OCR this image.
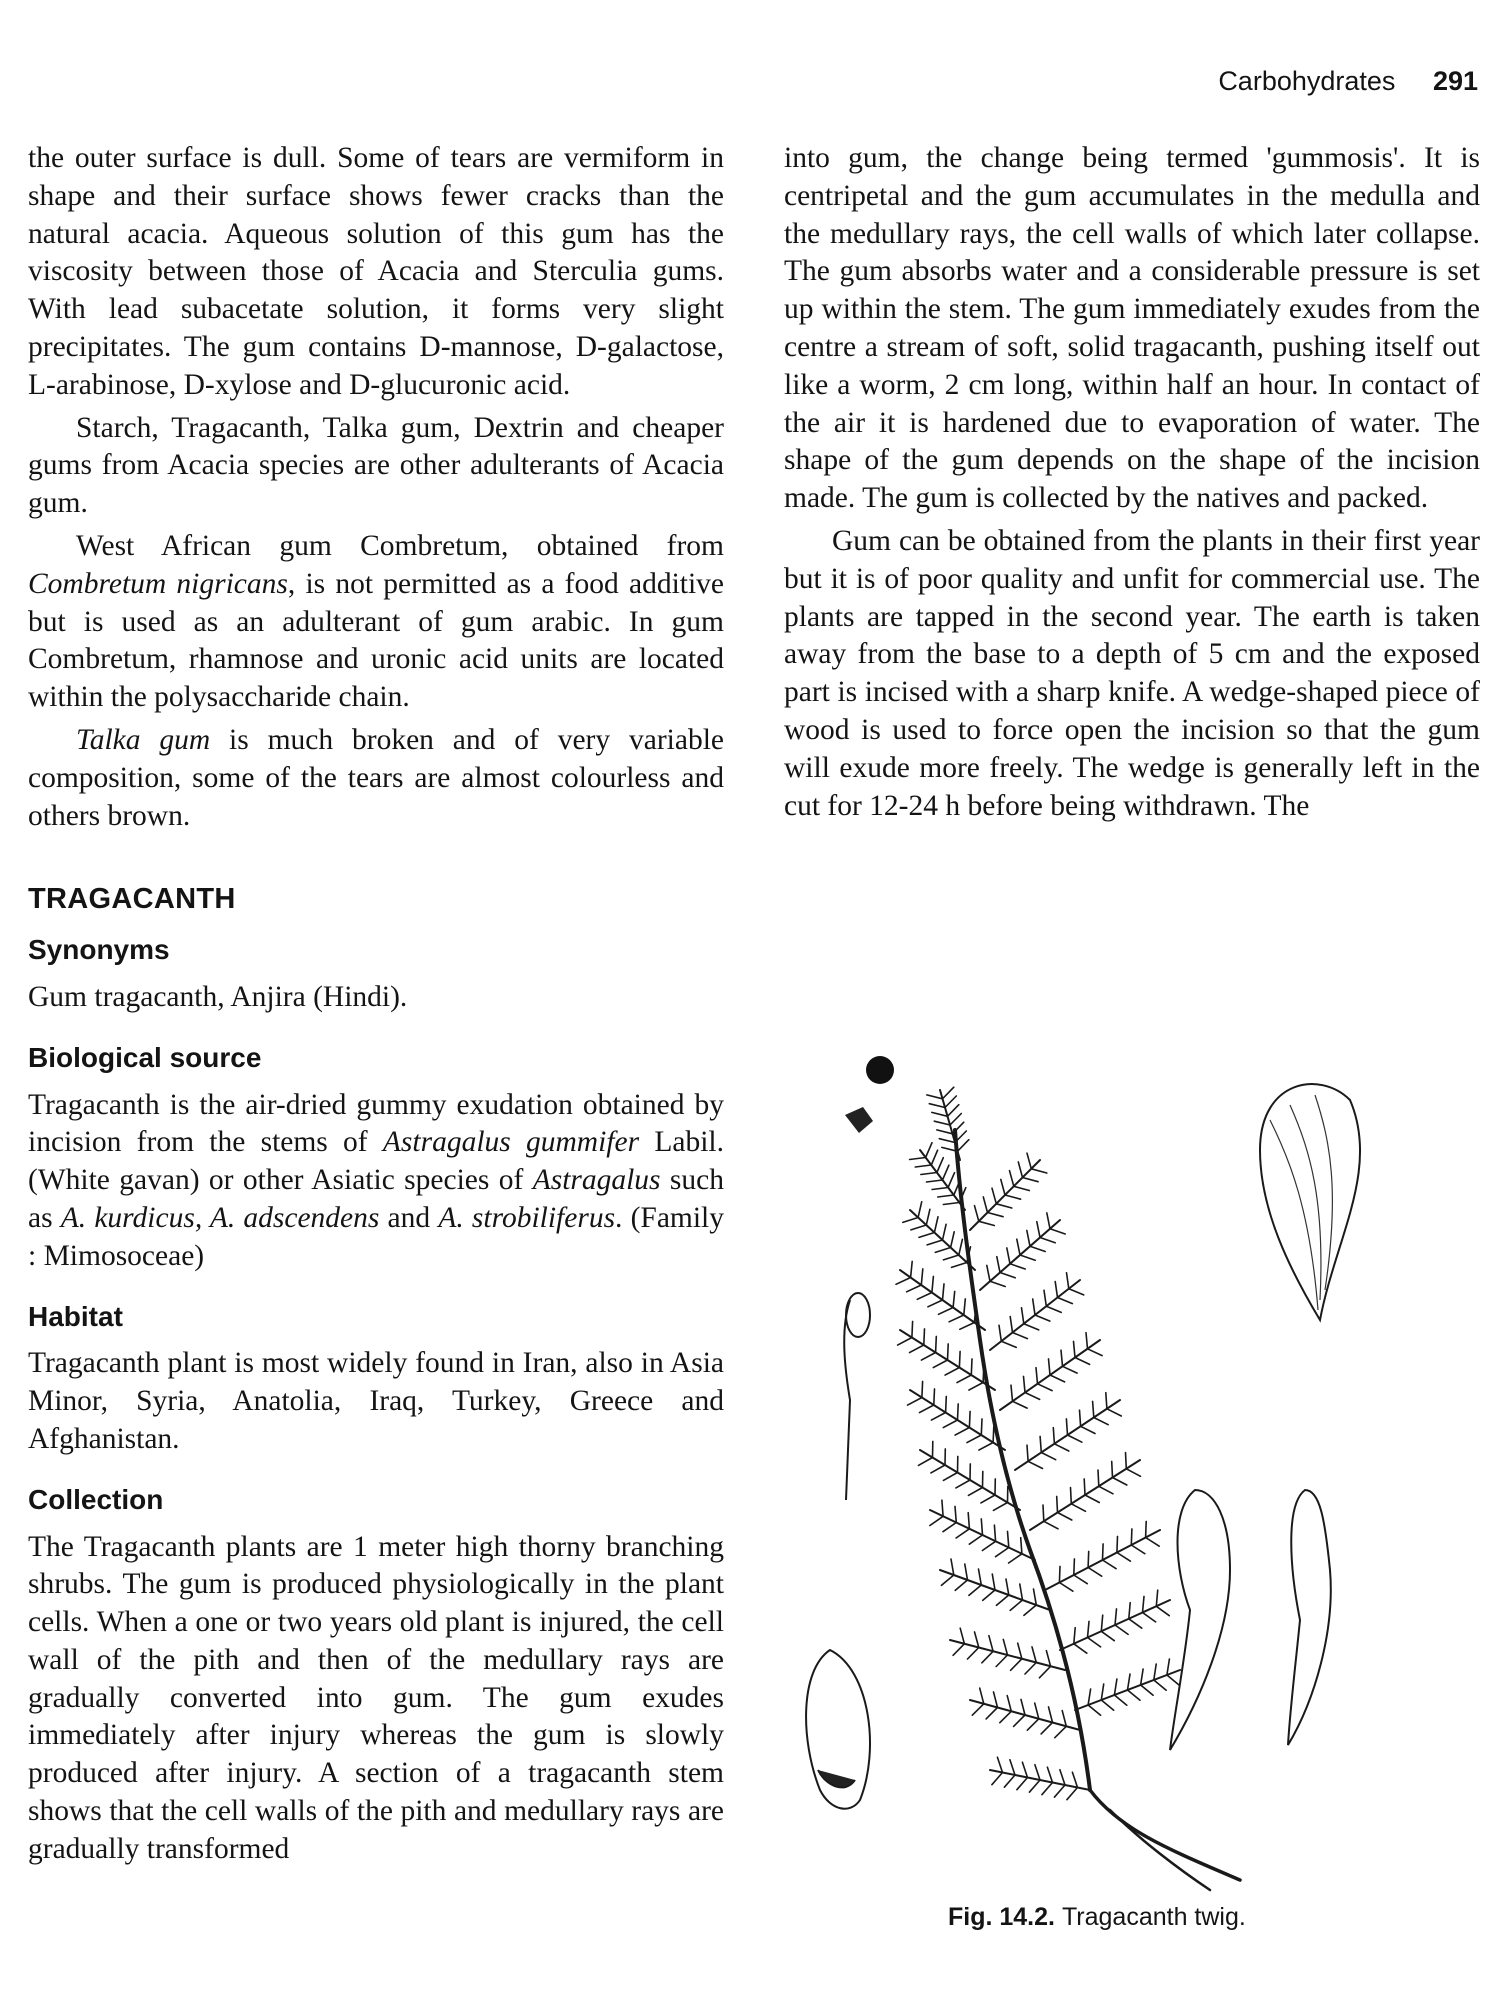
Carbohydrates 291

the outer surface is dull. Some of tears are vermiform in shape and their surface shows fewer cracks than the natural acacia. Aqueous solution of this gum has the viscosity between those of Acacia and Sterculia gums. With lead subacetate solution, it forms very slight precipitates. The gum contains D-mannose, D-galactose, L-arabinose, D-xylose and D-glucuronic acid.

Starch, Tragacanth, Talka gum, Dextrin and cheaper gums from Acacia species are other adulterants of Acacia gum.

West African gum Combretum, obtained from Combretum nigricans, is not permitted as a food additive but is used as an adulterant of gum arabic. In gum Combretum, rhamnose and uronic acid units are located within the polysaccharide chain.

Talka gum is much broken and of very variable composition, some of the tears are almost colourless and others brown.

TRAGACANTH
Synonyms

Gum tragacanth, Anjira (Hindi).

Biological source

Tragacanth is the air-dried gummy exudation obtained by incision from the stems of Astragalus gummifer Labil. (White gavan) or other Asiatic species of Astragalus such as A. kurdicus, A. adscendens and A. strobiliferus. (Family : Mimosoceae)

Habitat

Tragacanth plant is most widely found in Iran, also in Asia Minor, Syria, Anatolia, Iraq, Turkey, Greece and Afghanistan.

Collection

The Tragacanth plants are 1 meter high thorny branching shrubs. The gum is produced physiologically in the plant cells. When a one or two years old plant is injured, the cell wall of the pith and then of the medullary rays are gradually converted into gum. The gum exudes immediately after injury whereas the gum is slowly produced after injury. A section of a tragacanth stem shows that the cell walls of the pith and medullary rays are gradually transformed

into gum, the change being termed 'gummosis'. It is centripetal and the gum accumulates in the medulla and the medullary rays, the cell walls of which later collapse. The gum absorbs water and a considerable pressure is set up within the stem. The gum immediately exudes from the centre a stream of soft, solid tragacanth, pushing itself out like a worm, 2 cm long, within half an hour. In contact of the air it is hardened due to evaporation of water. The shape of the gum depends on the shape of the incision made. The gum is collected by the natives and packed.

Gum can be obtained from the plants in their first year but it is of poor quality and unfit for commercial use. The plants are tapped in the second year. The earth is taken away from the base to a depth of 5 cm and the exposed part is incised with a sharp knife. A wedge-shaped piece of wood is used to force open the incision so that the gum will exude more freely. The wedge is generally left in the cut for 12-24 h before being withdrawn. The

Fig. 14.2. Tragacanth twig.
